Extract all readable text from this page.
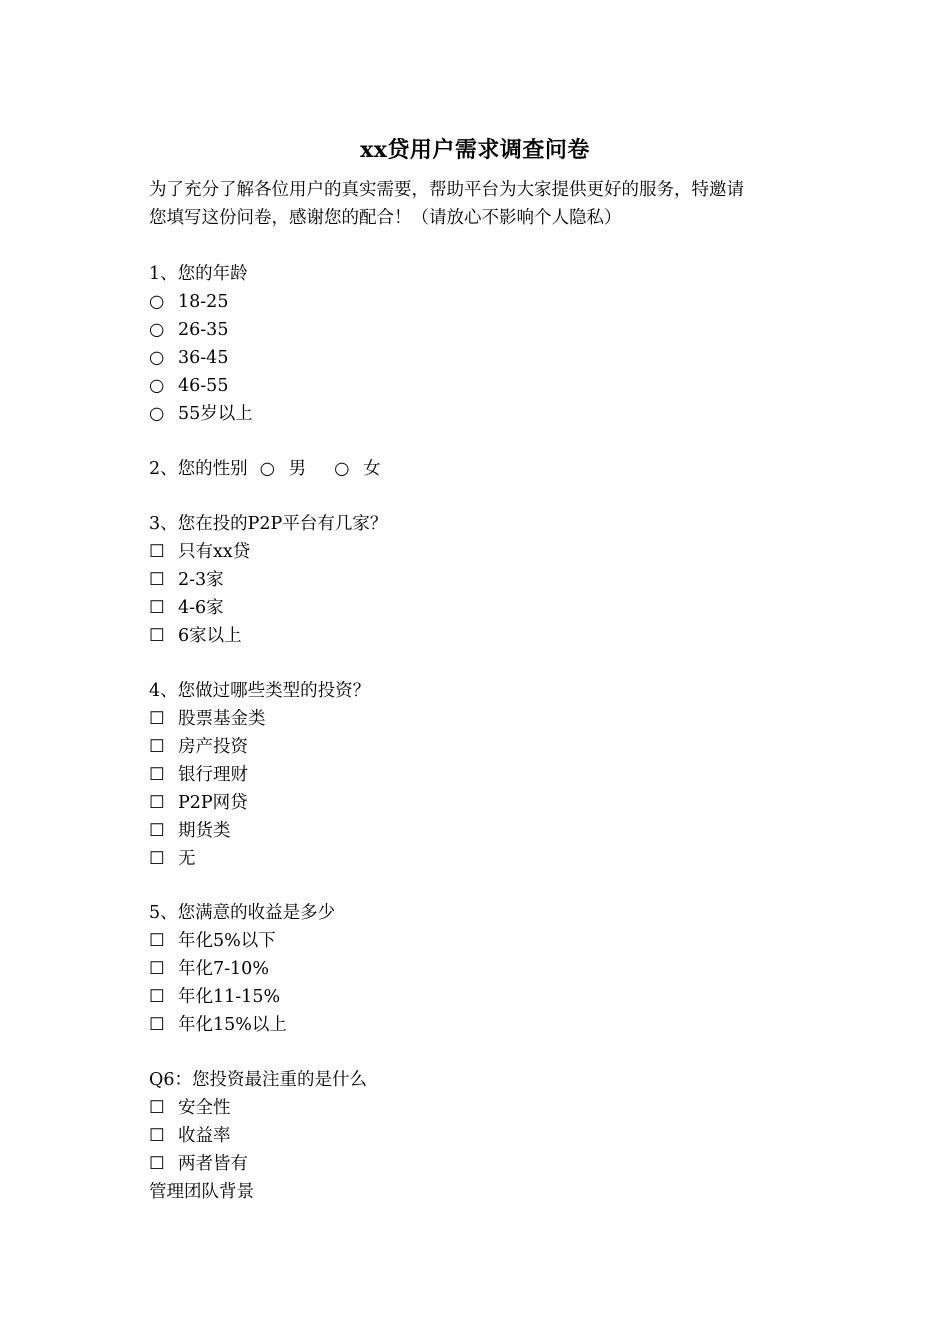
xx贷用户需求调查问卷
为了充分了解各位用户的真实需要，帮助平台为大家提供更好的服务，特邀请
您填写这份问卷，感谢您的配合！（请放心不影响个人隐私）
1、您的年龄
○ 18-25
○ 26-35
○ 36-45
○ 46-55
○ 55岁以上
2、您的性别 ○ 男 ○ 女
3、您在投的P2P平台有几家？
☐ 只有xx贷
☐ 2-3家
☐ 4-6家
☐ 6家以上
4、您做过哪些类型的投资？
☐ 股票基金类
☐ 房产投资
☐ 银行理财
☐ P2P网贷
☐ 期货类
☐ 无
5、您满意的收益是多少
☐ 年化5%以下
☐ 年化7-10%
☐ 年化11-15%
☐ 年化15%以上
Q6：您投资最注重的是什么
☐ 安全性
☐ 收益率
☐ 两者皆有
管理团队背景
